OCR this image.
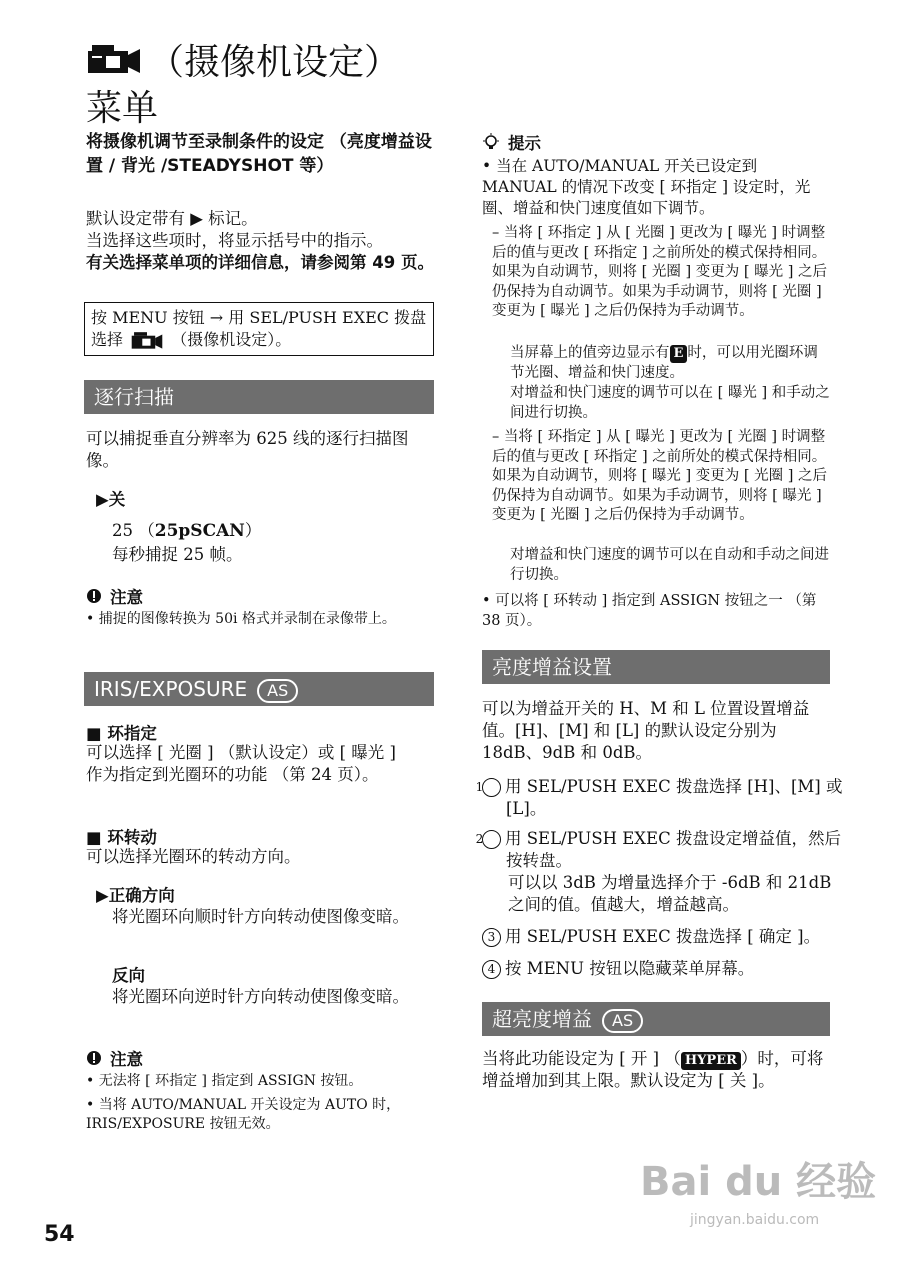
（摄像机设定）
菜单
将摄像机调节至录制条件的设定 （亮度增益设置 / 背光 /STEADYSHOT 等）
默认设定带有 ▶ 标记。
当选择这些项时，将显示括号中的指示。
有关选择菜单项的详细信息，请参阅第 49 页。
按 MENU 按钮 → 用 SEL/PUSH EXEC 拨盘
选择	（摄像机设定）。
逐行扫描
可以捕捉垂直分辨率为 625 线的逐行扫描图像。
▶关
25 （25pSCAN）
每秒捕捉 25 帧。
注意
• 捕捉的图像转换为 50i 格式并录制在录像带上。
IRIS/EXPOSURE AS
■ 环指定
可以选择 [ 光圈 ] （默认设定）或 [ 曝光 ] 作为指定到光圈环的功能 （第 24 页）。
■ 环转动
可以选择光圈环的转动方向。
▶正确方向
将光圈环向顺时针方向转动使图像变暗。
反向
将光圈环向逆时针方向转动使图像变暗。
注意
• 无法将 [ 环指定 ] 指定到 ASSIGN 按钮。
• 当将 AUTO/MANUAL 开关设定为 AUTO 时，IRIS/EXPOSURE 按钮无效。
提示
• 当在 AUTO/MANUAL 开关已设定到 MANUAL 的情况下改变 [ 环指定 ] 设定时，光圈、增益和快门速度值如下调节。
– 当将 [ 环指定 ] 从 [ 光圈 ] 更改为 [ 曝光 ] 时调整后的值与更改 [ 环指定 ] 之前所处的模式保持相同。如果为自动调节，则将 [ 光圈 ] 变更为 [ 曝光 ] 之后仍保持为自动调节。如果为手动调节，则将 [ 光圈 ] 变更为 [ 曝光 ] 之后仍保持为手动调节。
当屏幕上的值旁边显示有 E 时，可以用光圈环调节光圈、增益和快门速度。
对增益和快门速度的调节可以在 [ 曝光 ] 和手动之间进行切换。
– 当将 [ 环指定 ] 从 [ 曝光 ] 更改为 [ 光圈 ] 时调整后的值与更改 [ 环指定 ] 之前所处的模式保持相同。如果为自动调节，则将 [ 曝光 ] 变更为 [ 光圈 ] 之后仍保持为自动调节。如果为手动调节，则将 [ 曝光 ] 变更为 [ 光圈 ] 之后仍保持为手动调节。
对增益和快门速度的调节可以在自动和手动之间进行切换。
• 可以将 [ 环转动 ] 指定到 ASSIGN 按钮之一 （第 38 页）。
亮度增益设置
可以为增益开关的 H、M 和 L 位置设置增益值。[H]、[M] 和 [L] 的默认设定分别为 18dB、9dB 和 0dB。
1 用 SEL/PUSH EXEC 拨盘选择 [H]、[M] 或 [L]。
2 用 SEL/PUSH EXEC 拨盘设定增益值，然后按转盘。
可以以 3dB 为增量选择介于 -6dB 和 21dB 之间的值。值越大，增益越高。
3 用 SEL/PUSH EXEC 拨盘选择 [ 确定 ]。
4 按 MENU 按钮以隐藏菜单屏幕。
超亮度增益 AS
当将此功能设定为 [ 开 ] （ HYPER ）时，可将增益增加到其上限。默认设定为 [ 关 ]。
54
Bai du 经验
jingyan.baidu.com
